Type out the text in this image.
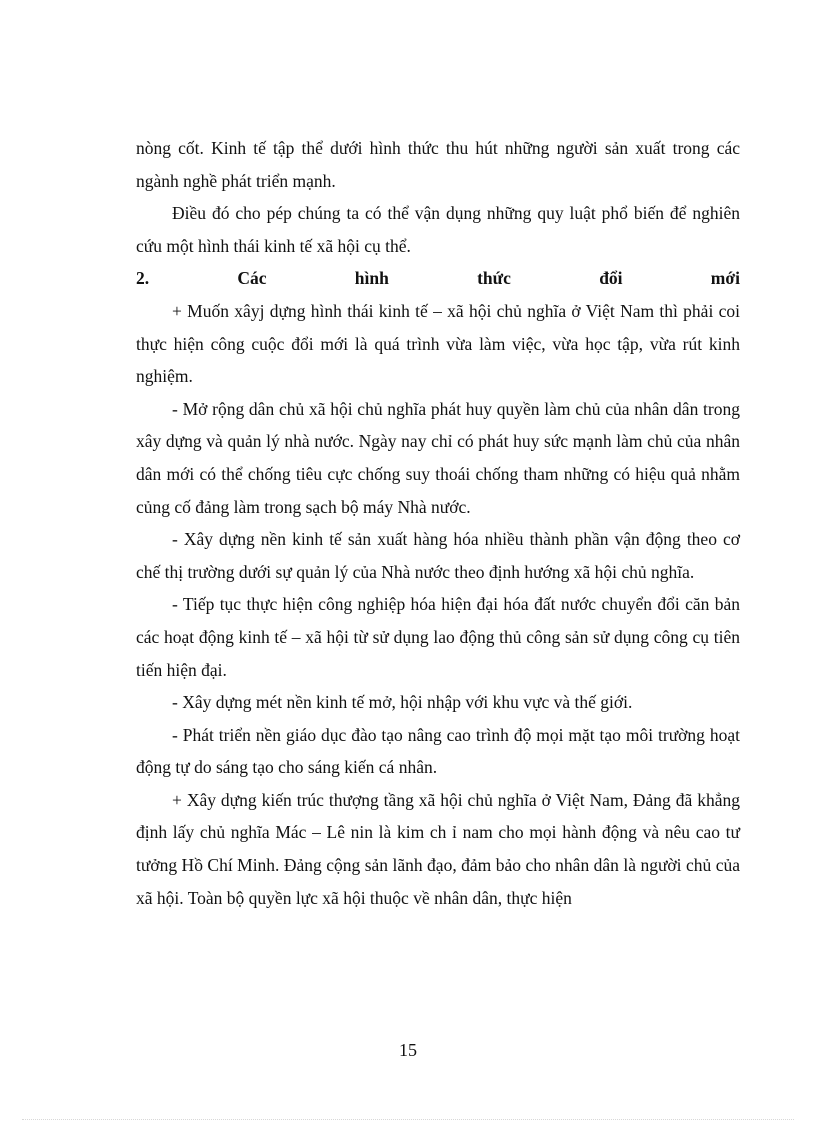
nòng cốt. Kinh tế tập thể dưới hình thức thu hút những người sản xuất trong các ngành nghề phát triển mạnh.

Điều đó cho pép chúng ta có thể vận dụng những quy luật phổ biến để nghiên cứu một hình thái kinh tế xã hội cụ thể.

2.	Các	hình	thức	đổi	mới

+ Muốn xâyj dựng hình thái kinh tế – xã hội chủ nghĩa ở Việt Nam thì phải coi thực hiện công cuộc đổi mới là quá trình vừa làm việc, vừa học tập, vừa rút kinh nghiệm.

- Mở rộng dân chủ xã hội chủ nghĩa phát huy quyền làm chủ của nhân dân trong xây dựng và quản lý nhà nước. Ngày nay chỉ có phát huy sức mạnh làm chủ của nhân dân mới có thể chống tiêu cực chống suy thoái chống tham những có hiệu quả nhằm củng cố đảng làm trong sạch bộ máy Nhà nước.

- Xây dựng nền kinh tế sản xuất hàng hóa nhiều thành phần vận động theo cơ chế thị trường dưới sự quản lý của Nhà nước theo định hướng xã hội chủ nghĩa.

- Tiếp tục thực hiện công nghiệp hóa hiện đại hóa đất nước chuyển đổi căn bản các hoạt động kinh tế – xã hội từ sử dụng lao động thủ công sản sử dụng công cụ tiên tiến hiện đại.

- Xây dựng mét nền kinh tế mở, hội nhập với khu vực và thế giới.

- Phát triển nền giáo dục đào tạo nâng cao trình độ mọi mặt tạo môi trường hoạt động tự do sáng tạo cho sáng kiến cá nhân.

+ Xây dựng kiến trúc thượng tầng xã hội chủ nghĩa ở Việt Nam, Đảng đã khẳng định lấy chủ nghĩa Mác – Lê nin là kim ch ỉ nam cho mọi hành động và nêu cao tư tưởng Hồ Chí Minh. Đảng cộng sản lãnh đạo, đảm bảo cho nhân dân là người chủ của xã hội. Toàn bộ quyền lực xã hội thuộc về nhân dân, thực hiện

15
